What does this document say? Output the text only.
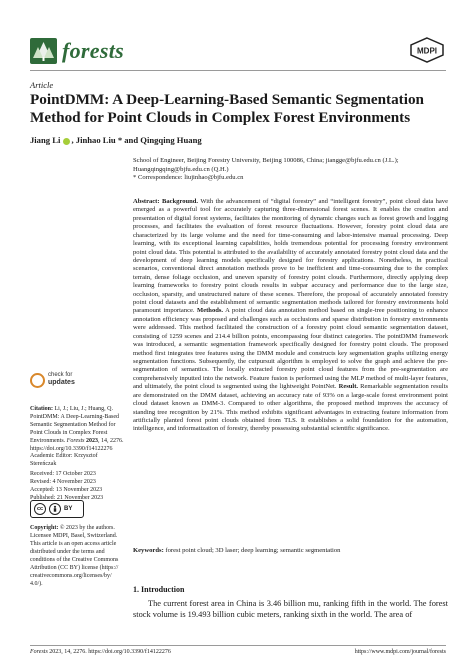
forests	MDPI
Article
PointDMM: A Deep-Learning-Based Semantic Segmentation Method for Point Clouds in Complex Forest Environments
Jiang Li , Jinhao Liu * and Qingqing Huang
School of Engineer, Beijing Forestry University, Beijing 100086, China; jiangge@bjfu.edu.cn (J.L.);
Huangqingqing@bjfu.edu.cn (Q.H.)
* Correspondence: liujinhao@bjfu.edu.cn
Abstract: Background. With the advancement of “digital forestry” and “intelligent forestry”, point cloud data have emerged as a powerful tool for accurately capturing three-dimensional forest scenes. It enables the creation and presentation of digital forest systems, facilitates the monitoring of dynamic changes such as forest growth and logging processes, and facilitates the evaluation of forest resource fluctuations. However, forestry point cloud data are characterized by its large volume and the need for time-consuming and labor-intensive manual processing. Deep learning, with its exceptional learning capabilities, holds tremendous potential for processing forestry environment point cloud data. This potential is attributed to the availability of accurately annotated forestry point cloud data and the development of deep learning models specifically designed for forestry applications. Nonetheless, in practical scenarios, conventional direct annotation methods prove to be inefficient and time-consuming due to the complex terrain, dense foliage occlusion, and uneven sparsity of forestry point clouds. Furthermore, directly applying deep learning frameworks to forestry point clouds results in subpar accuracy and performance due to the large size, occlusion, sparsity, and unstructured nature of these scenes. Therefore, the proposal of accurately annotated forestry point cloud datasets and the establishment of semantic segmentation methods tailored for forestry environments hold paramount importance. Methods. A point cloud data annotation method based on single-tree positioning to enhance annotation efficiency was proposed and challenges such as occlusions and sparse distribution in forestry environments were addressed. This method facilitated the construction of a forestry point cloud semantic segmentation dataset, consisting of 1259 scenes and 214.4 billion points, encompassing four distinct categories. The pointDMM framework was introduced, a semantic segmentation framework specifically designed for forestry point clouds. The proposed method first integrates tree features using the DMM module and constructs key segmentation graphs utilizing energy segmentation functions. Subsequently, the cutpursuit algorithm is employed to solve the graph and achieve the pre-segmentation of semantics. The locally extracted forestry point cloud features from the pre-segmentation are comprehensively inputted into the network. Feature fusion is performed using the MLP method of multi-layer features, and ultimately, the point cloud is segmented using the lightweight PointNet. Result. Remarkable segmentation results are demonstrated on the DMM dataset, achieving an accuracy rate of 93% on a large-scale forest environment point cloud dataset known as DMM-3. Compared to other algorithms, the proposed method improves the accuracy of standing tree recognition by 21%. This method exhibits significant advantages in extracting feature information from artificially planted forest point clouds obtained from TLS. It establishes a solid foundation for the automation, intelligence, and informatization of forestry, thereby possessing substantial scientific significance.
Keywords: forest point cloud; 3D laser; deep learning; semantic segmentation
check for
updates
Citation: Li, J.; Liu, J.; Huang, Q. PointDMM: A Deep-Learning-Based Semantic Segmentation Method for Point Clouds in Complex Forest Environments. Forests 2023, 14, 2276. https://doi.org/10.3390/f14122276
Academic Editor: Krzysztof Stereńczak
Received: 17 October 2023
Revised: 4 November 2023
Accepted: 13 November 2023
Published: 21 November 2023
cc	BY
Copyright: © 2023 by the authors. Licensee MDPI, Basel, Switzerland. This article is an open access article distributed under the terms and conditions of the Creative Commons Attribution (CC BY) license (https:// creativecommons.org/licenses/by/ 4.0/).
1. Introduction
The current forest area in China is 3.46 billion mu, ranking fifth in the world. The forest stock volume is 19.493 billion cubic meters, ranking sixth in the world. The area of
Forests 2023, 14, 2276. https://doi.org/10.3390/f14122276	https://www.mdpi.com/journal/forests
